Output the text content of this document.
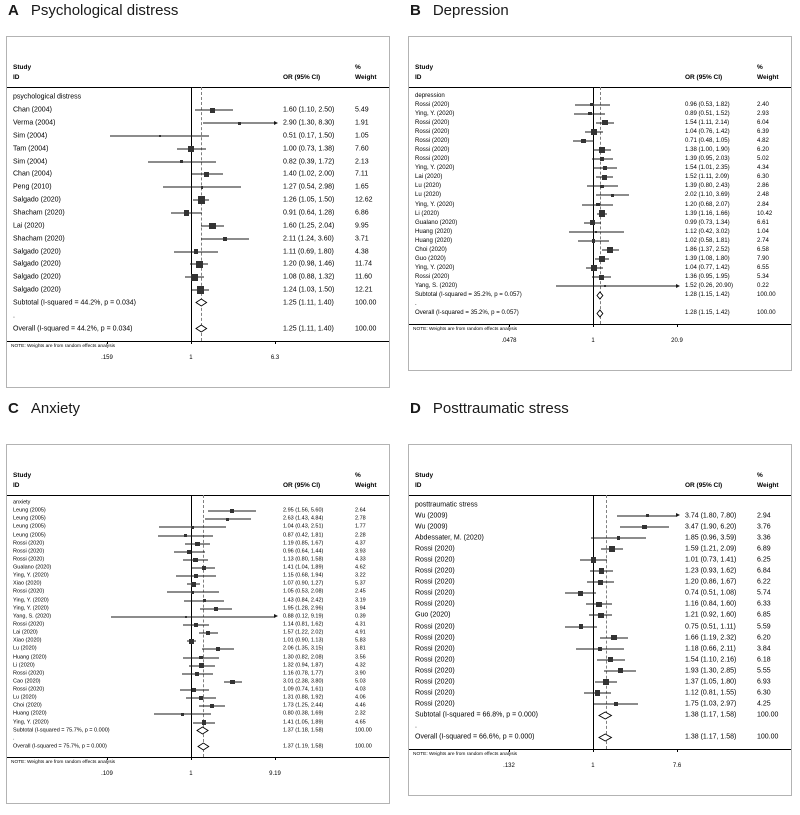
A Psychological distress
Study
ID	OR (95% CI)
%
Weight
psychological distress
Chan (2004)	1.60 (1.10, 2.50)	5.49
Verma (2004)	2.90 (1.30, 8.30)	1.91
Sim (2004)	0.51 (0.17, 1.50)	1.05
Tam (2004)	1.00 (0.73, 1.38)	7.60
Sim (2004)	0.82 (0.39, 1.72)	2.13
Chan (2004)	1.40 (1.02, 2.00)	7.11
Peng (2010)	1.27 (0.54, 2.98)	1.65
Salgado (2020)	1.26 (1.05, 1.50)	12.62
Shacham (2020)	0.91 (0.64, 1.28)	6.86
Lai (2020)	1.60 (1.25, 2.04)	9.95
Shacham (2020)	2.11 (1.24, 3.60)	3.71
Salgado (2020)	1.11 (0.69, 1.80)	4.38
Salgado (2020)	1.20 (0.98, 1.46)	11.74
Salgado (2020)	1.08 (0.88, 1.32)	11.60
Salgado (2020)	1.24 (1.03, 1.50)	12.21
Subtotal (I-squared = 44.2%, p = 0.034)	1.25 (1.11, 1.40)	100.00
.
Overall (I-squared = 44.2%, p = 0.034)	1.25 (1.11, 1.40)	100.00
NOTE: Weights are from random effects analysis
.159	1	6.3
B Depression
Study
ID	OR (95% CI)
%
Weight
depression
Rossi (2020)	0.96 (0.53, 1.82)	2.40
Ying, Y. (2020)	0.89 (0.51, 1.52)	2.93
Rossi (2020)	1.54 (1.11, 2.14)	6.04
Rossi (2020)	1.04 (0.76, 1.42)	6.39
Rossi (2020)	0.71 (0.48, 1.05)	4.82
Rossi (2020)	1.38 (1.00, 1.90)	6.20
Rossi (2020)	1.39 (0.95, 2.03)	5.02
Ying, Y. (2020)	1.54 (1.01, 2.35)	4.34
Lai (2020)	1.52 (1.11, 2.09)	6.30
Lu (2020)	1.39 (0.80, 2.43)	2.86
Lu (2020)	2.02 (1.10, 3.69)	2.48
Ying, Y. (2020)	1.20 (0.68, 2.07)	2.84
Li (2020)	1.39 (1.16, 1.66)	10.42
Gualano (2020)	0.99 (0.73, 1.34)	6.61
Huang (2020)	1.12 (0.42, 3.02)	1.04
Huang (2020)	1.02 (0.58, 1.81)	2.74
Choi (2020)	1.86 (1.37, 2.52)	6.58
Guo (2020)	1.39 (1.08, 1.80)	7.90
Ying, Y. (2020)	1.04 (0.77, 1.42)	6.55
Rossi (2020)	1.36 (0.95, 1.95)	5.34
Yang, S. (2020)	1.52 (0.26, 20.90)	0.22
Subtotal (I-squared = 35.2%, p = 0.057)	1.28 (1.15, 1.42)	100.00
.
Overall (I-squared = 35.2%, p = 0.057)	1.28 (1.15, 1.42)	100.00
NOTE: Weights are from random effects analysis
.0478	1	20.9
C Anxiety
Study
ID	OR (95% CI)
%
Weight
anxiety
Leung (2005)	2.95 (1.56, 5.60)	2.64
Leung (2005)	2.63 (1.43, 4.84)	2.78
Leung (2005)	1.04 (0.43, 2.51)	1.77
Leung (2005)	0.87 (0.42, 1.81)	2.28
Rossi (2020)	1.19 (0.85, 1.67)	4.37
Rossi (2020)	0.96 (0.64, 1.44)	3.93
Rossi (2020)	1.13 (0.80, 1.58)	4.33
Gualano (2020)	1.41 (1.04, 1.89)	4.62
Ying, Y. (2020)	1.15 (0.68, 1.94)	3.22
Xiao (2020)	1.07 (0.90, 1.27)	5.37
Rossi (2020)	1.05 (0.53, 2.08)	2.45
Ying, Y. (2020)	1.43 (0.84, 2.42)	3.19
Ying, Y. (2020)	1.95 (1.28, 2.96)	3.94
Yang, S. (2020)	0.88 (0.12, 9.19)	0.39
Rossi (2020)	1.14 (0.81, 1.62)	4.31
Lai (2020)	1.57 (1.22, 2.02)	4.91
Xiao (2020)	1.01 (0.90, 1.13)	5.83
Lu (2020)	2.06 (1.35, 3.15)	3.81
Huang (2020)	1.30 (0.82, 2.08)	3.56
Li (2020)	1.32 (0.94, 1.87)	4.32
Rossi (2020)	1.16 (0.78, 1.77)	3.90
Cao (2020)	3.01 (2.38, 3.80)	5.03
Rossi (2020)	1.09 (0.74, 1.61)	4.03
Lu (2020)	1.31 (0.88, 1.92)	4.06
Choi (2020)	1.73 (1.25, 2.44)	4.46
Huang (2020)	0.80 (0.38, 1.69)	2.32
Ying, Y. (2020)	1.41 (1.05, 1.89)	4.65
Subtotal (I-squared = 75.7%, p = 0.000)	1.37 (1.18, 1.58)	100.00
.
Overall (I-squared = 75.7%, p = 0.000)	1.37 (1.19, 1.58)	100.00
NOTE: Weights are from random effects analysis
.109	1	9.19
D Posttraumatic stress
Study
ID	OR (95% CI)
%
Weight
posttraumatic stress
Wu (2009)	3.74 (1.80, 7.80)	2.94
Wu (2009)	3.47 (1.90, 6.20)	3.76
Abdessater, M. (2020)	1.85 (0.96, 3.59)	3.36
Rossi (2020)	1.59 (1.21, 2.09)	6.89
Rossi (2020)	1.01 (0.73, 1.41)	6.25
Rossi (2020)	1.23 (0.93, 1.62)	6.84
Rossi (2020)	1.20 (0.86, 1.67)	6.22
Rossi (2020)	0.74 (0.51, 1.08)	5.74
Rossi (2020)	1.16 (0.84, 1.60)	6.33
Guo (2020)	1.21 (0.92, 1.60)	6.85
Rossi (2020)	0.75 (0.51, 1.11)	5.59
Rossi (2020)	1.66 (1.19, 2.32)	6.20
Rossi (2020)	1.18 (0.66, 2.11)	3.84
Rossi (2020)	1.54 (1.10, 2.16)	6.18
Rossi (2020)	1.93 (1.30, 2.85)	5.55
Rossi (2020)	1.37 (1.05, 1.80)	6.93
Rossi (2020)	1.12 (0.81, 1.55)	6.30
Rossi (2020)	1.75 (1.03, 2.97)	4.25
Subtotal (I-squared = 66.8%, p = 0.000)	1.38 (1.17, 1.58)	100.00
.
Overall (I-squared = 66.6%, p = 0.000)	1.38 (1.17, 1.58)	100.00
NOTE: Weights are from random effects analysis
.132	1	7.6
